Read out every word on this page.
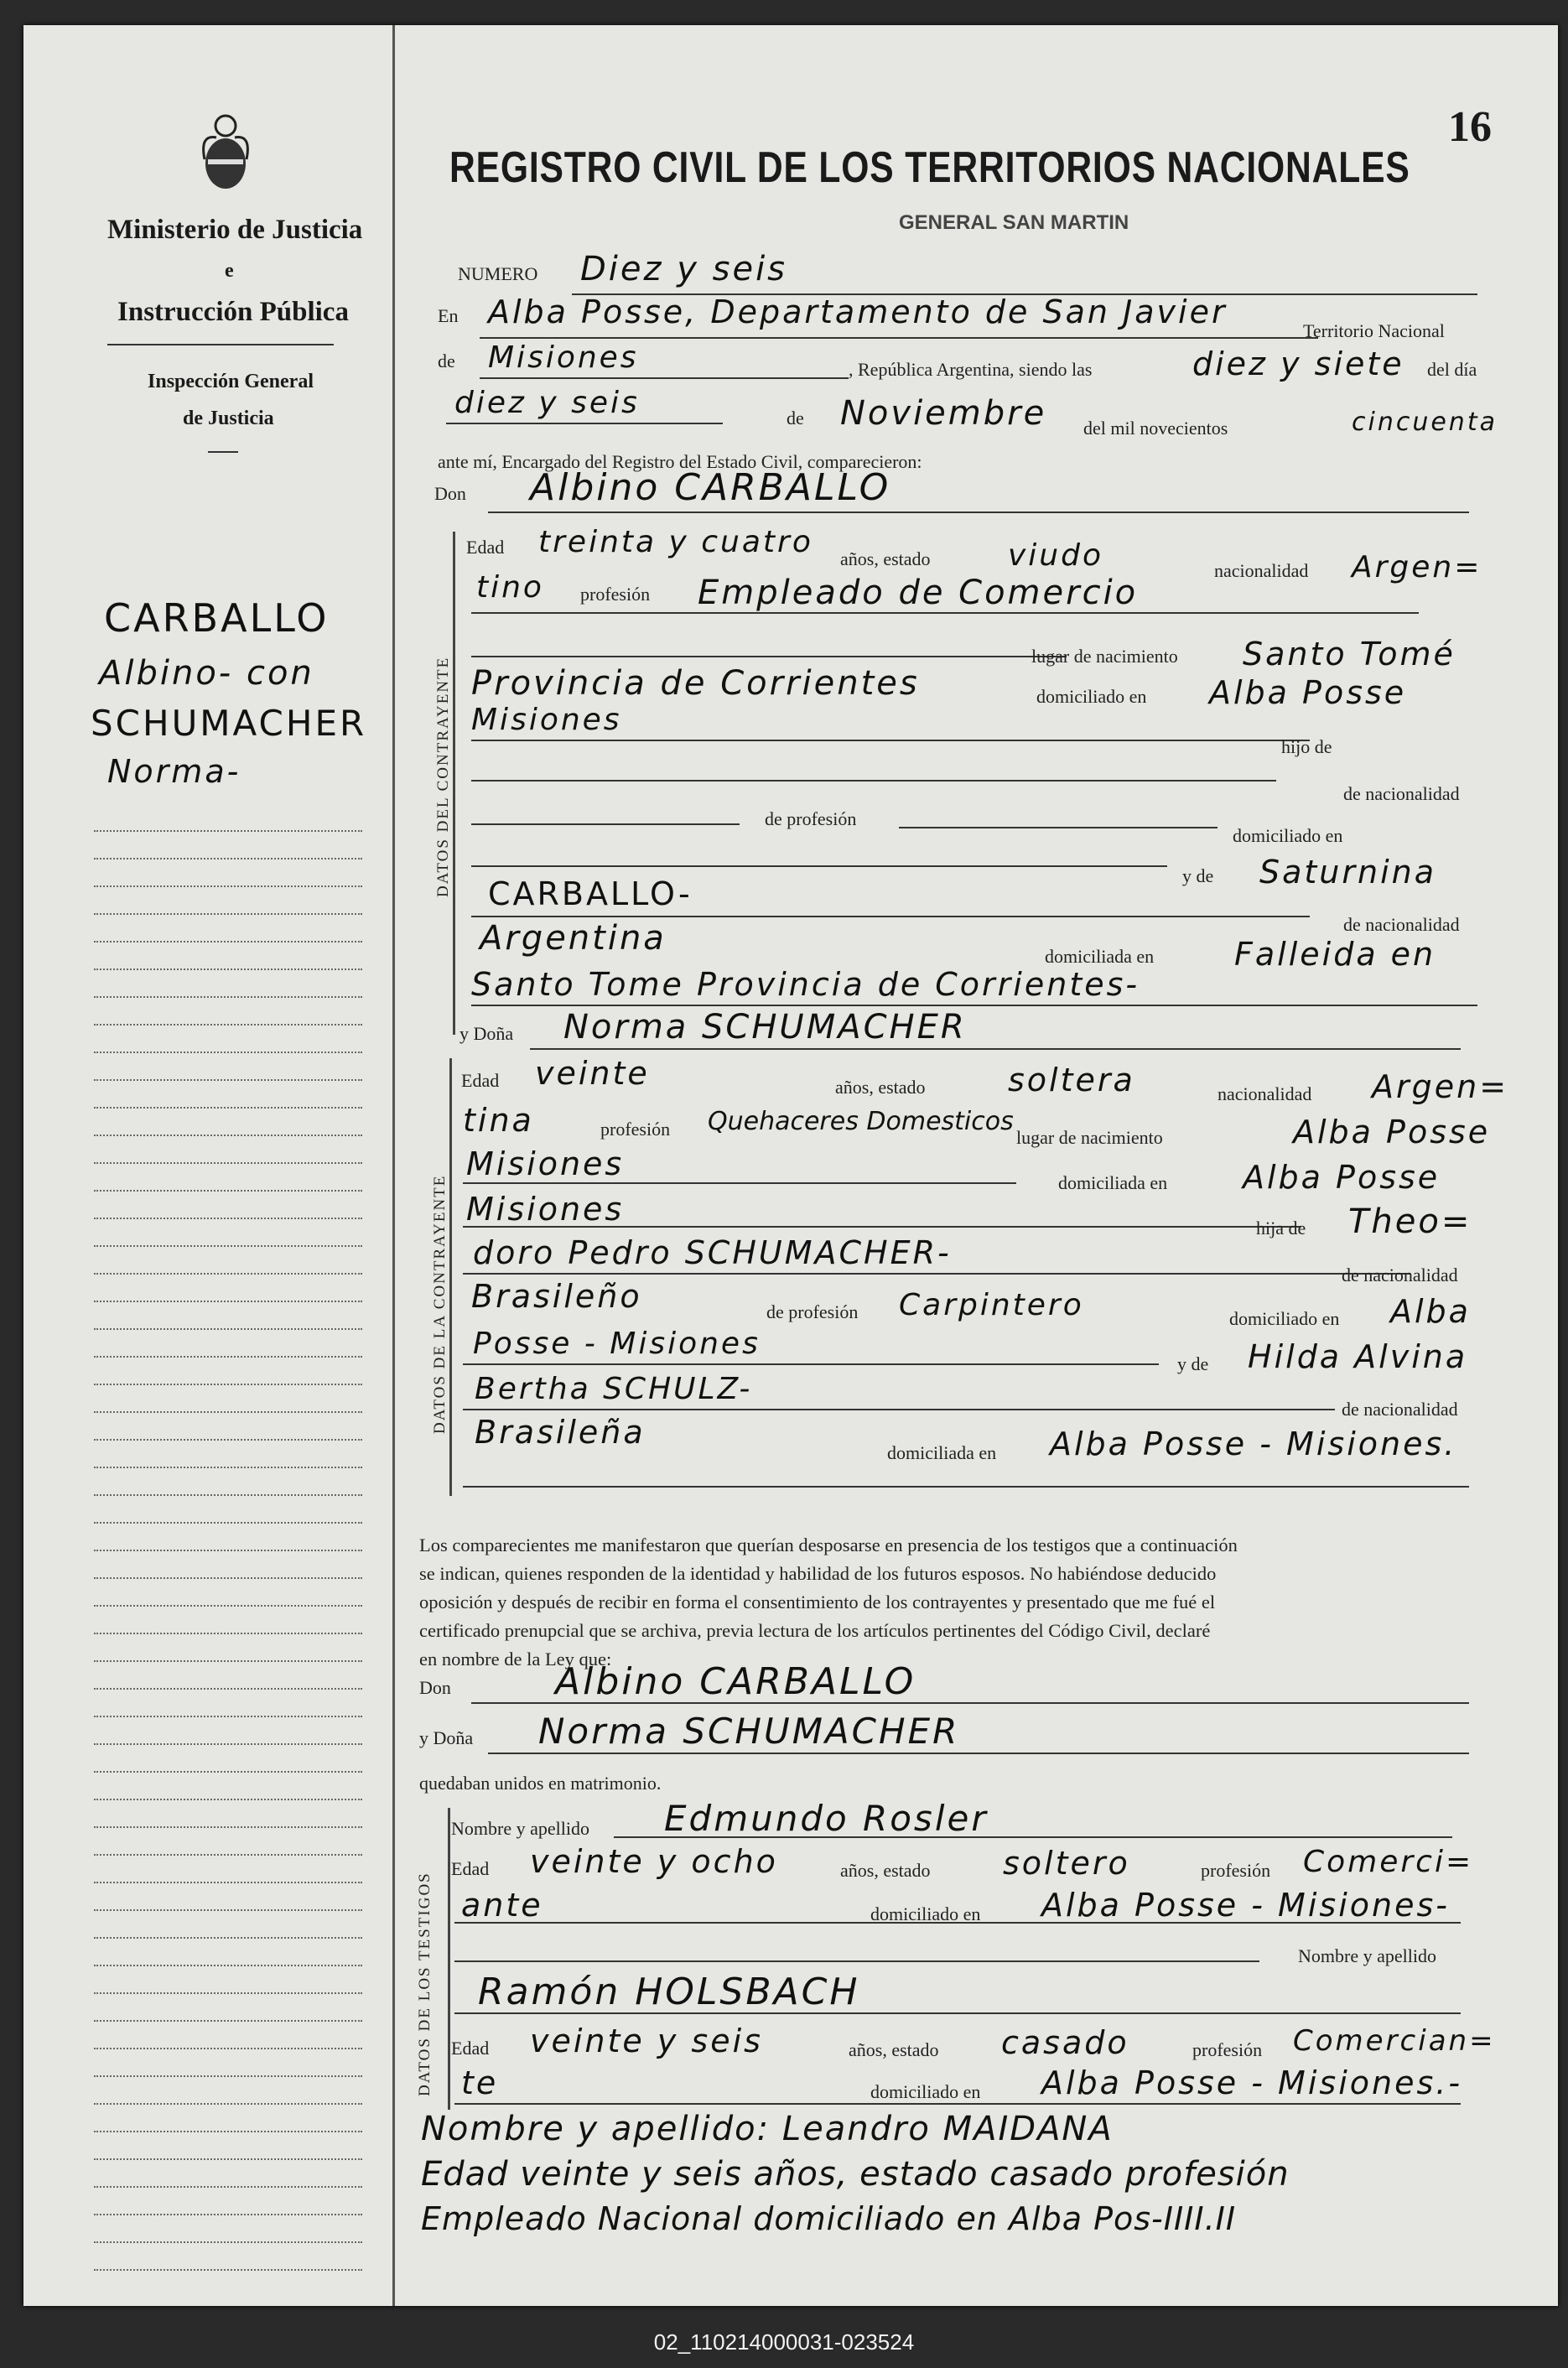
Ministerio de Justicia
e
Instrucción Pública
Inspección General
de Justicia
CARBALLO
Albino- con
SCHUMACHER
Norma-
16
REGISTRO CIVIL DE LOS TERRITORIOS NACIONALES
GENERAL SAN MARTIN
NUMERO Diez y seis
En Alba Posse, Departamento de San Javier
Territorio Nacional
de Misiones	, República Argentina, siendo las	diez y siete del día
diez y seis	de Noviembre del mil novecientos	cincuenta
ante mí, Encargado del Registro del Estado Civil, comparecieron:
Don Albino CARBALLO
DATOS DEL CONTRAYENTE
Edad treinta y cuatro años, estado	viudo	nacionalidad Argen=
tino profesión Empleado de Comercio
lugar de nacimiento Santo Tomé
Provincia de Corrientes	domiciliado en Alba Posse
Misiones
hijo de
de nacionalidad
de profesión
domiciliado en
y de Saturnina
CARBALLO-
de nacionalidad
Argentina	domiciliada en	Falleida en
Santo Tome Provincia de Corrientes-
y Doña Norma SCHUMACHER
DATOS DE LA CONTRAYENTE
Edad veinte	años, estado	soltera	nacionalidad Argen=
tina	profesión Quehaceres Domesticos
lugar de nacimiento	Alba Posse
Misiones
domiciliada en Alba Posse
Misiones
hija de Theo=
doro Pedro SCHUMACHER-
de nacionalidad
Brasileño	de profesión Carpintero	domiciliado en Alba
Posse - Misiones
y de Hilda Alvina
Bertha SCHULZ-
de nacionalidad
Brasileña
domiciliada en Alba Posse - Misiones.
Los comparecientes me manifestaron que querían desposarse en presencia de los testigos que a continuación
se indican, quienes responden de la identidad y habilidad de los futuros esposos. No habiéndose deducido
oposición y después de recibir en forma el consentimiento de los contrayentes y presentado que me fué el
certificado prenupcial que se archiva, previa lectura de los artículos pertinentes del Código Civil, declaré
en nombre de la Ley que:
Don	Albino CARBALLO
y Doña Norma SCHUMACHER
quedaban unidos en matrimonio.
DATOS DE LOS TESTIGOS
Nombre y apellido Edmundo Rosler
Edad veinte y ocho	años, estado soltero	profesión Comerci=
ante	domiciliado en Alba Posse - Misiones-
Nombre y apellido
Ramón HOLSBACH
Edad veinte y seis	años, estado casado	profesión Comercian=
te	domiciliado en Alba Posse - Misiones.-
Nombre y apellido: Leandro MAIDANA
Edad veinte y seis años, estado casado profesión
Empleado Nacional domiciliado en Alba Pos-IIII.II
02_110214000031-023524
